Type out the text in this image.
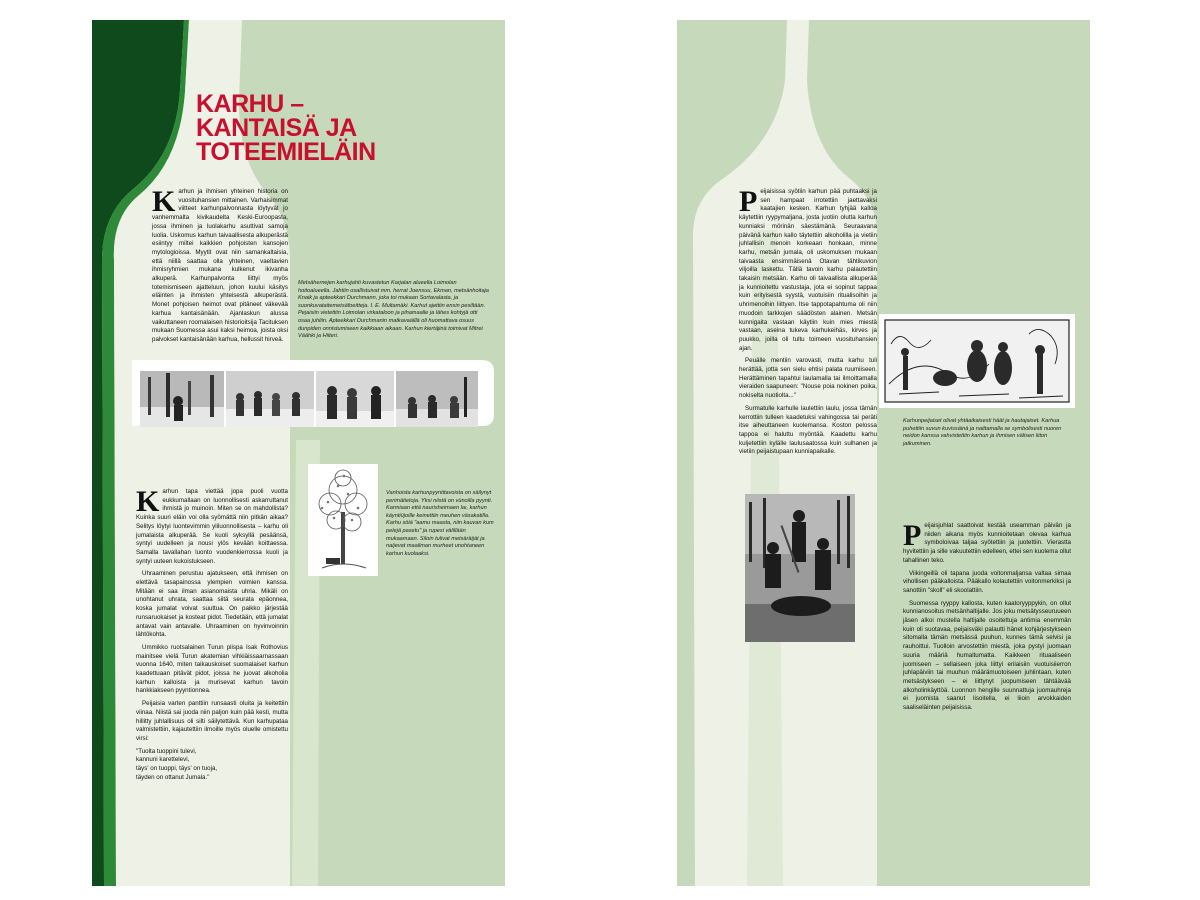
KARHU –
KANTAISÄ JA
TOTEEMIELÄIN

Karhun ja ihmisen yhteinen historia on vuosituhansien mittainen. Varhaisimmat viitteet karhunpalvonnasta löytyvät jo vanhemmalta kivikaudelta Keski-Euroopasta, jossa ihminen ja luolakarhu asuttivat samoja luolia. Uskomus karhun taivaallisesta alkuperästä esiintyy miltei kaikkien pohjoisten kansojen mytologioissa. Myytit ovat niin samankaltaisia, että niillä saattaa olla yhteinen, vaeltavien ihmisryhmien mukana kulkenut ikivanha alkuperä. Karhunpalvonta liittyi myös totemismiseen ajatteluun, johon kuului käsitys eläinten ja ihmisten yhteisestä alkuperästä. Monet pohjoisen heimot ovat pitäneet väkevää karhua kantaisänään. Ajanlaskun alussa vaikuttaneen roomalaisen historioitsija Tacituksen mukaan Suomessa asui kaksi heimoa, joista oksi palvokset kantaisänään karhua, hellussit hirveä.

Metsähernejen karhujahti kuvastetun Karjalan alueella Loimolan hoitoalueella. Jahtiin osallistuivat mm. herrat Joensuu, Ekman, metsänhoitaja Knaik ja apteekkari Durchmann, joka toi mukaan Sortavalasta, ja suonkuvataitemetsäfoeitteja. I. E. Multamäki. Karhut ajettiin ensin pesiltään. Pejaisiin vietettiin Loimolan virkataloon ja pihamaalle ja lähes kohtyjä otti osaa juhliin. Apteekkari Durchmanin matkavaäillä oli huomattava osuus dunpiden onnistumiseen kaikkiaan aikaan. Karhun kiertäjinä toimivat Mitrei Väähki ja Hiiteri.
Vanhoista karhunpyyntitavoista on säilynyt perimätietoja. Yksi niistä on vünoilla pyynti. Karmiaan että naurisheimaen laı, karhun käyntiüjoille keinettiin meuhen väsakatilla. Karhu söiä "aamu maasta, niin kauvan kum pelejä pasetu" ja rupesi välillään mukaamaan. Siloin tulivat metsäräijät ja naijevat maailman murheet unohtaneen karhun kuolaaksi.

Karhun tapa viettää jopa puoli vuotta eukkumallaan on luonnollisesti askarruttanut ihmistä jo muinoin. Miten se on mahdollista? Kuinka suuri eläin voi olla syömättä niin pitkän aikaa? Selitys löytyi luontevimmin yliluonnollisesta – karhu oli jumalaista alkuperää. Se kuoli syksyllä pesäänsä, syntyi uudelleen ja nousi ylös kevään koittaessa. Samalla tavallahan luonto vuodenkierrossa kuoli ja syntyi uuteen kukoistukseen.

Uhraaminen perustuu ajatukseen, että ihmisen on elettävä tasapainossa ylempien voimien kanssa. Mitään ei saa ilman asianomaista uhria. Mikäli on unohtanut uhrata, saattaa siitä seurata epäonnea, koska jumalat voivat suuttua. On paikko järjestää runsaruokaiset ja kosteat pidot. Tiedetään, että jumalat antavat vain antavalle. Uhraaminen on hyvinvoinnin lähtökohta.

Ummikko ruotsalainen Turun piispa Isak Rothovius mainitsee vielä Turun akatemian vihkiäissaarnassaan vuonna 1640, miten taikauskoiset suomalaiset karhun kaadettuaan pitävät pidot, joissa he juovat alkoholia karhun kalloista ja murisevat karhun tavoin hankkiakseen pyyntionnea.

Peijaisia varten panttiin runsaasti oluita ja keitettiin viinaa. Niistä sai juoda niin paljon kuin pää kesti, mutta hillitty juhlallisuus oli silti säilytettävä. Kun karhupataa valmistettiin, kajautettiin ilmoille myös oluelle omistettu virsi:

"Tuolta tuoppini tulevi,
kannuni karettelevi,
täys' on tuoppi, täys' on tuoja,
täyden on ottanut Jumala."

Peijaisissa syötiin karhun pää puhtaaksi ja sen hampaat irrotettiin jaettavaksi kaatajien kesken. Karhun tyhjää kalloa käytettiin ryypymaljana, josta juotiin olutta karhun kunniaksi mörinän säestämänä. Seuraavana päivänä karhun kallo täytettiin alkoholilla ja vietiin juhlallisin menoin korkeaan honkaan, minne karhu, metsän jumala, oli uskomuksen mukaan taivaasta ensimmäisenä Otavan tähtikuvion viljoilla laskettu. Tällä tavoin karhu palautettiin takaisin metsään. Karhu oli taivaallista alkuperää ja kunnioitettu vastustaja, jota ei sopinut tappaa kuin erityisestä syystä, vuotuisiin ritualisoihin ja uhrimenoihin liittyen. Itse tappotapahtuma oli niin muodoin tarkkojen säädösten alainen. Metsän kunnigaita vastaan käytiin kuin mies miestä vastaan, aseina tukeva karhukeihäs, kirves ja puukko, joilla oli tultu toimeen vuosituhansien ajan.

Peuälle mentiin varovasti, mutta karhu tuli herättää, jotta sen sielu ehtisi palata ruumiiseen. Herättäminen tapahtui laulamalla tai ilmoittamalla vieraiden saapuneen: "Nouse poia nokinen poika, nokiselta nuotiolta..."

Surmatulle karhulle laulettiin laulu, jossa tämän kerrottiin tulleen kaadetuksi vahingossa tai peräti itse aiheuttaneen kuolemansa. Koston pelossa tappoa ei haluttu myöntää. Kaadettu karhu kuljetettiin kylälle laulusaatossa kuin sulhanen ja vietiin peijaistupaan kunniapaikalle.

Karhunpeijaiset olivat yhtäaikaisesti häät ja hautajaiset. Karhua puhettiin suvun kuvissäinä ja naittamalla se symbolisesti nuoren neidon kanssa vahvistettiin karhun ja ihmisen välisen liiton jatkuminen.

Peijaisjuhlat saattoivat kestää useamman päivän ja niiden aikana myös kunnioitetaan olevaa karhua symboloivaa taljaa syötettiin ja juotettiin. Vierastta hyvitettiin ja sille vakuutettiin edelleen, ettei sen kuolema ollut tahallinen teko.

Viikingeillä oli tapana juoda voitonmaljansa valtaa simaa vihollisen pääkalloista. Pääkallo kolautettiin voitonmerkiksi ja sanottiin "skoll" eli skoolattiin.

Suomessa ryyppy kallosta, kuten kaatoryyppykin, on ollut kunnianosoitus metsänhaltijalle. Jos joku metsätysseuruueen jäsen alkoi mustella haltijalle osoitettuja antimia enemmän kuin oli suotavaa, peijaisväki palautti hänet kohjärjestykseen sitomalla tämän metsässä puuhun, kunnes tämä selvisi ja rauhoittui. Tuolloin arvostettiin miestä, joka pystyi juomaan suuria määriä humaltumatta. Kaikkeen rituaaliseen juomiseen – sellaiseen joka liittyi erilaisiin vuotuisiierron juhlapäiviin tai muuhun määrämuotoiseen juhlintaan, kuten metsästykseen – ei liittynyt juopumiseen tähtäävää alkoholinkäyttöä. Luonnon hengille suunnattuja juomauhreja ei juomista saanut lisoitella, ei liioin arvokkaiden saaliseläinten peijaisissa.
